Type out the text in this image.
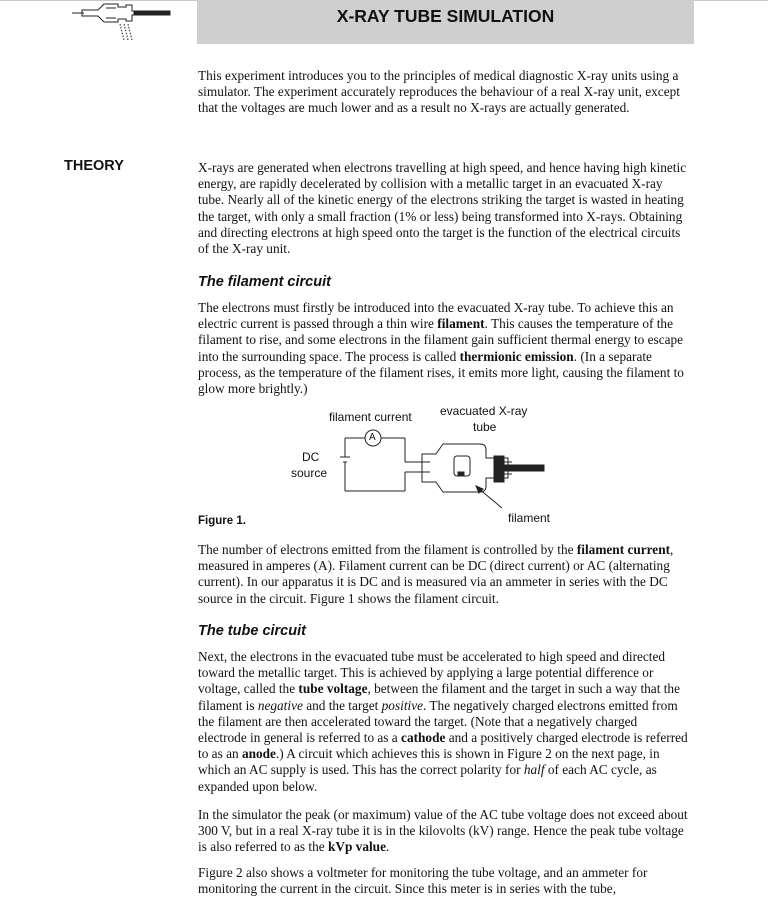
X-RAY TUBE SIMULATION

This experiment introduces you to the principles of medical diagnostic X-ray units using a simulator. The experiment accurately reproduces the behaviour of a real X-ray unit, except that the voltages are much lower and as a result no X-rays are actually generated.

THEORY	X-rays are generated when electrons travelling at high speed, and hence having high kinetic energy, are rapidly decelerated by collision with a metallic target in an evacuated X-ray tube. Nearly all of the kinetic energy of the electrons striking the target is wasted in heating the target, with only a small fraction (1% or less) being transformed into X-rays. Obtaining and directing electrons at high speed onto the target is the function of the electrical circuits of the X-ray unit.

The filament circuit

The electrons must firstly be introduced into the evacuated X-ray tube. To achieve this an electric current is passed through a thin wire filament. This causes the temperature of the filament to rise, and some electrons in the filament gain sufficient thermal energy to escape into the surrounding space. The process is called thermionic emission. (In a separate process, as the temperature of the filament rises, it emits more light, causing the filament to glow more brightly.)

filament current evacuated X-ray
tube
DC
source
A
filament
Figure 1.

The number of electrons emitted from the filament is controlled by the filament current, measured in amperes (A). Filament current can be DC (direct current) or AC (alternating current). In our apparatus it is DC and is measured via an ammeter in series with the DC source in the circuit. Figure 1 shows the filament circuit.

The tube circuit

Next, the electrons in the evacuated tube must be accelerated to high speed and directed toward the metallic target. This is achieved by applying a large potential difference or voltage, called the tube voltage, between the filament and the target in such a way that the filament is negative and the target positive. The negatively charged electrons emitted from the filament are then accelerated toward the target. (Note that a negatively charged electrode in general is referred to as a cathode and a positively charged electrode is referred to as an anode.) A circuit which achieves this is shown in Figure 2 on the next page, in which an AC supply is used. This has the correct polarity for half of each AC cycle, as expanded upon below.

In the simulator the peak (or maximum) value of the AC tube voltage does not exceed about 300 V, but in a real X-ray tube it is in the kilovolts (kV) range. Hence the peak tube voltage is also referred to as the kVp value.

Figure 2 also shows a voltmeter for monitoring the tube voltage, and an ammeter for monitoring the current in the circuit. Since this meter is in series with the tube,
